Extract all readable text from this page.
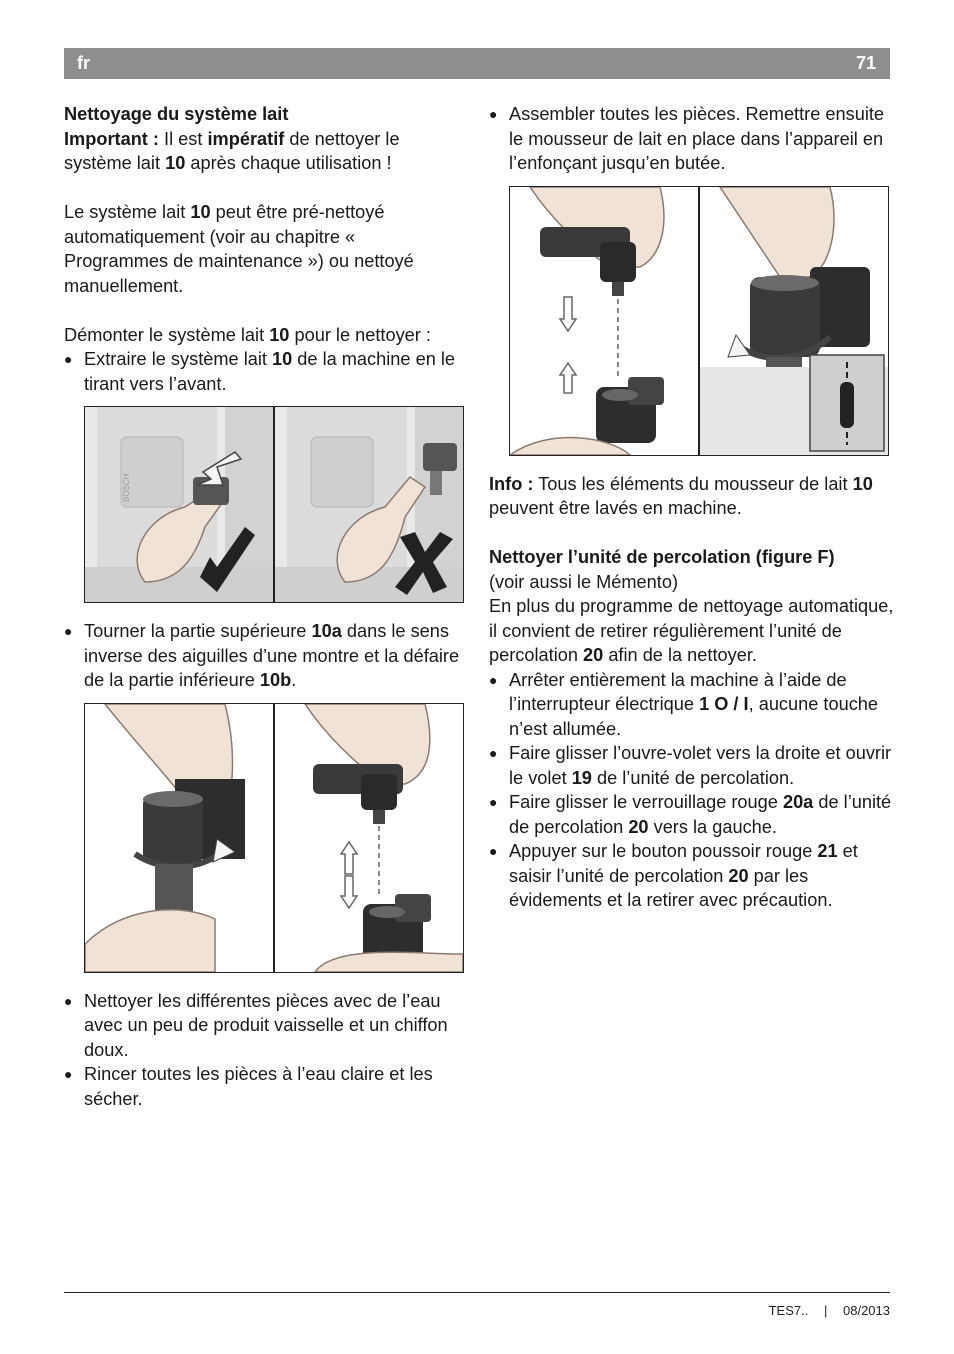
fr	71

Nettoyage du système lait

Important : Il est impératif de nettoyer le système lait 10 après chaque utilisation !

Le système lait 10 peut être pré-nettoyé automatiquement (voir au chapitre « Programmes de maintenance ») ou nettoyé manuellement.

Démonter le système lait 10 pour le nettoyer :

● Extraire le système lait 10 de la machine en le tirant vers l’avant.
BOSCH
● Tourner la partie supérieure 10a dans le sens inverse des aiguilles d’une montre et la défaire de la partie inférieure 10b.
● Nettoyer les différentes pièces avec de l’eau avec un peu de produit vaisselle et un chiffon doux.
● Rincer toutes les pièces à l’eau claire et les sécher.
● Assembler toutes les pièces. Remettre ensuite le mousseur de lait en place dans l’appareil en l’enfonçant jusqu’en butée.

Info : Tous les éléments du mousseur de lait 10 peuvent être lavés en machine.

Nettoyer l’unité de percolation (figure F)

(voir aussi le Mémento)

En plus du programme de nettoyage automatique, il convient de retirer régulièrement l’unité de percolation 20 afin de la nettoyer.

● Arrêter entièrement la machine à l’aide de l’interrupteur électrique 1 O / I, aucune touche n’est allumée.
● Faire glisser l’ouvre-volet vers la droite et ouvrir le volet 19 de l’unité de percolation.
● Faire glisser le verrouillage rouge 20a de l’unité de percolation 20 vers la gauche.
● Appuyer sur le bouton poussoir rouge 21 et saisir l’unité de percolation 20 par les évidements et la retirer avec précaution.
TES7.. | 08/2013
